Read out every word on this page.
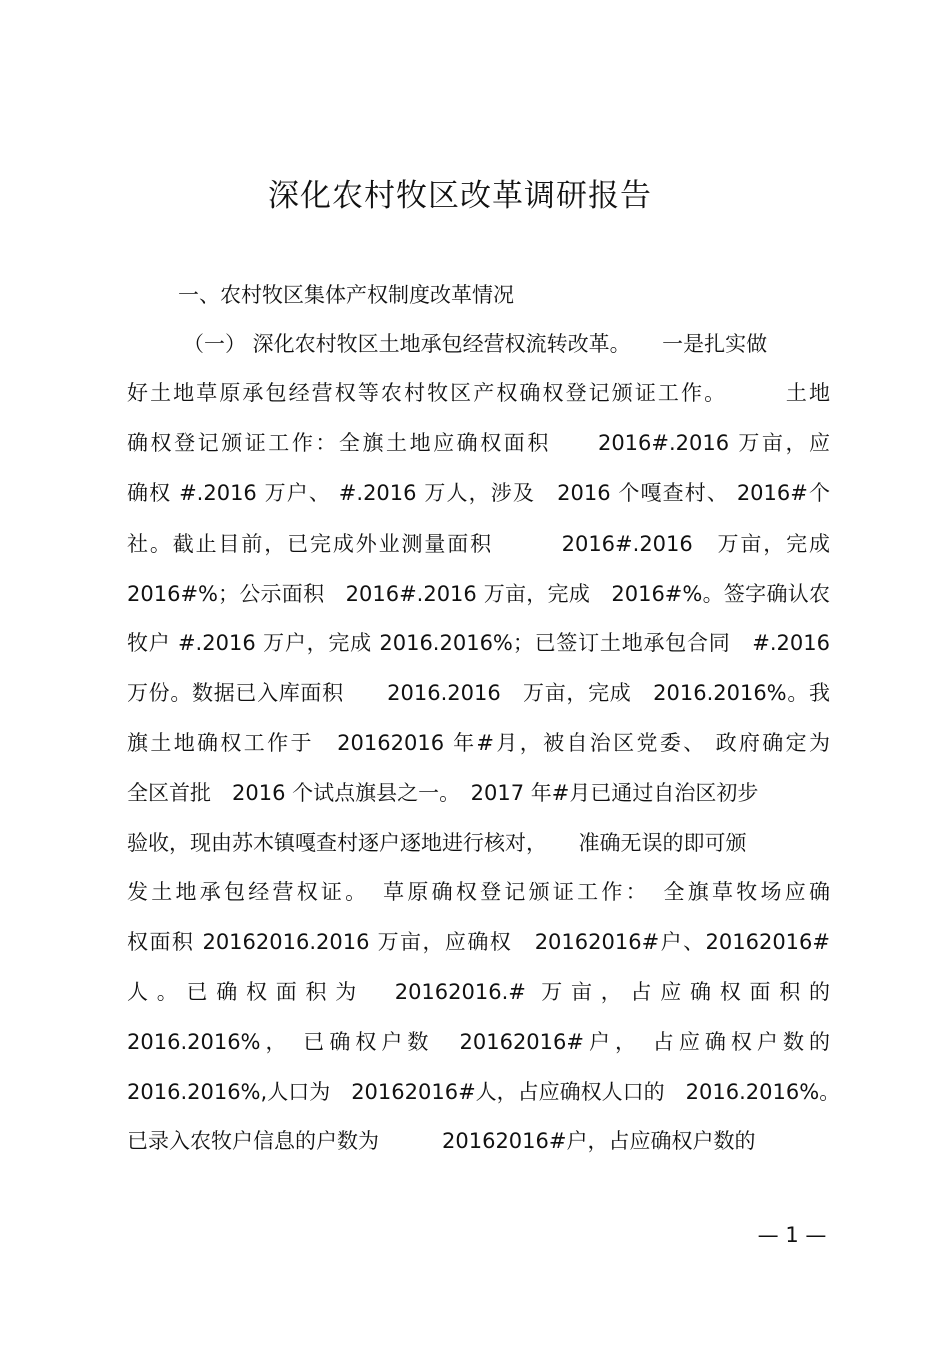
深化农村牧区改革调研报告
一、农村牧区集体产权制度改革情况
（一） 深化农村牧区土地承包经营权流转改革。　　一是扎实做
好土地草原承包经营权等农村牧区产权确权登记颁证工作。　　　土地
确权登记颁证工作：全旗土地应确权面积　　2016#.2016 万亩，应
确权 #.2016 万户、 #.2016 万人，涉及　2016 个嘎查村、 2016#个
社。截止目前，已完成外业测量面积　　　2016#.2016　万亩，完成
2016#%；公示面积　2016#.2016 万亩，完成　2016#%。签字确认农
牧户 #.2016 万户，完成 2016.2016%；已签订土地承包合同　#.2016
万份。数据已入库面积　　2016.2016　万亩，完成　2016.2016%。我
旗土地确权工作于　20162016 年#月，被自治区党委、 政府确定为
全区首批　2016 个试点旗县之一。　2017 年#月已通过自治区初步
验收，现由苏木镇嘎查村逐户逐地进行核对，　　准确无误的即可颁
发土地承包经营权证。　草原确权登记颁证工作：　全旗草牧场应确
权面积 20162016.2016 万亩，应确权　20162016#户、20162016#
人。已确权面积为　20162016.# 万亩，占应确权面积的
2016.2016%， 已确权户数　20162016#户， 占应确权户数的
2016.2016%,人口为　20162016#人，占应确权人口的　2016.2016%。
已录入农牧户信息的户数为　　　20162016#户，占应确权户数的
— 1 —
